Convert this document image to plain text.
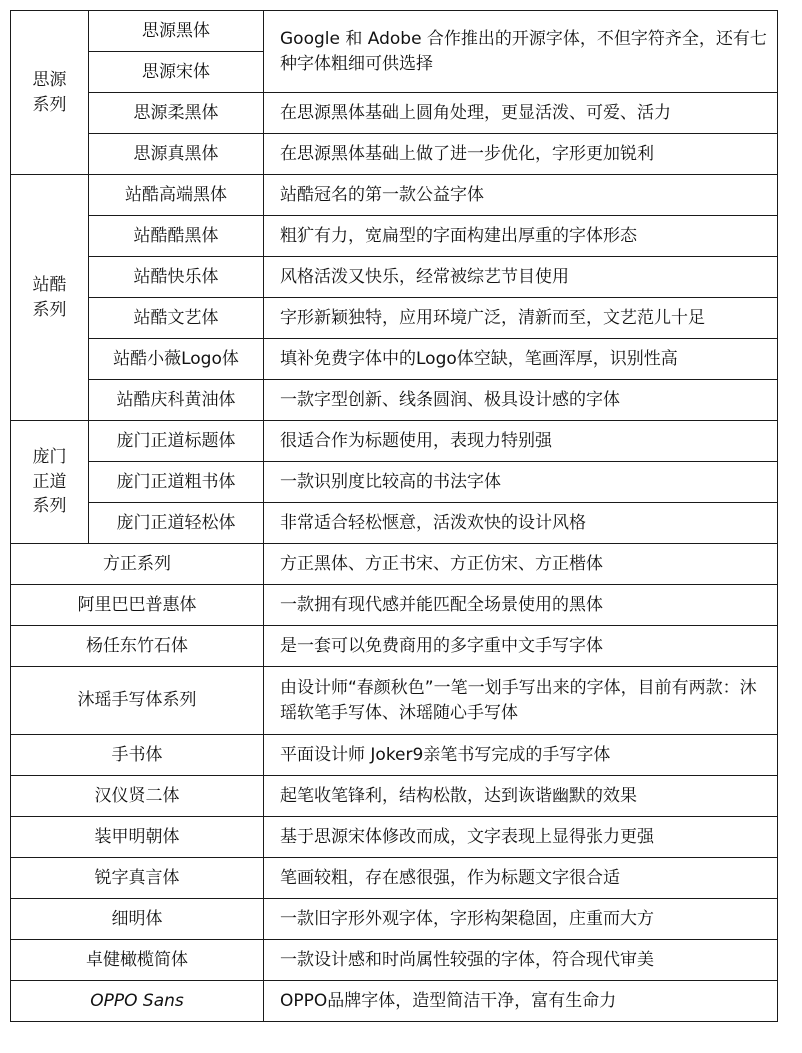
思源
系列	思源黑体	Google 和 Adobe 合作推出的开源字体，不但字符齐全，还有七种字体粗细可供选择
	思源宋体	
	思源柔黑体	在思源黑体基础上圆角处理，更显活泼、可爱、活力
	思源真黑体	在思源黑体基础上做了进一步优化，字形更加锐利
站酷
系列	站酷高端黑体	站酷冠名的第一款公益字体
	站酷酷黑体	粗犷有力，宽扁型的字面构建出厚重的字体形态
	站酷快乐体	风格活泼又快乐，经常被综艺节目使用
	站酷文艺体	字形新颖独特，应用环境广泛，清新而至，文艺范儿十足
	站酷小薇Logo体	填补免费字体中的Logo体空缺，笔画浑厚，识别性高
	站酷庆科黄油体	一款字型创新、线条圆润、极具设计感的字体
庞门
正道
系列	庞门正道标题体	很适合作为标题使用，表现力特别强
	庞门正道粗书体	一款识别度比较高的书法字体
	庞门正道轻松体	非常适合轻松惬意，活泼欢快的设计风格
方正系列		方正黑体、方正书宋、方正仿宋、方正楷体
阿里巴巴普惠体		一款拥有现代感并能匹配全场景使用的黑体
杨任东竹石体		是一套可以免费商用的多字重中文手写字体
沐瑶手写体系列		由设计师“春颜秋色”一笔一划手写出来的字体，目前有两款：沐瑶软笔手写体、沐瑶随心手写体
手书体		平面设计师 Joker9亲笔书写完成的手写字体
汉仪贤二体		起笔收笔锋利，结构松散，达到诙谐幽默的效果
装甲明朝体		基于思源宋体修改而成，文字表现上显得张力更强
锐字真言体		笔画较粗，存在感很强，作为标题文字很合适
细明体		一款旧字形外观字体，字形构架稳固，庄重而大方
卓健橄榄简体		一款设计感和时尚属性较强的字体，符合现代审美
OPPO Sans		OPPO品牌字体，造型简洁干净，富有生命力
